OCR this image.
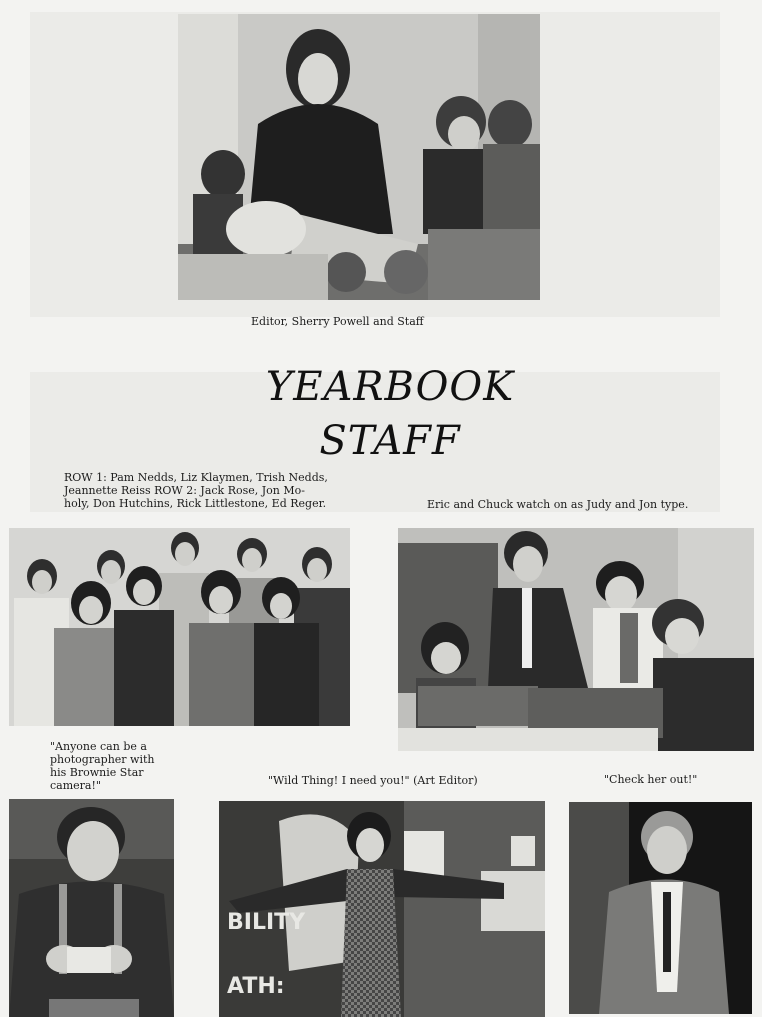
Editor, Sherry Powell and Staff
YEARBOOK STAFF
ROW 1: Pam Nedds, Liz Klaymen, Trish Nedds,
Jeannette Reiss ROW 2: Jack Rose, Jon Mo-
holy, Don Hutchins, Rick Littlestone, Ed Reger.	Eric and Chuck watch on as Judy and Jon type.
"Anyone can be a
photographer with
his Brownie Star
camera!"	"Wild Thing! I need you!" (Art Editor)	"Check her out!"
BILITY
ATH:
